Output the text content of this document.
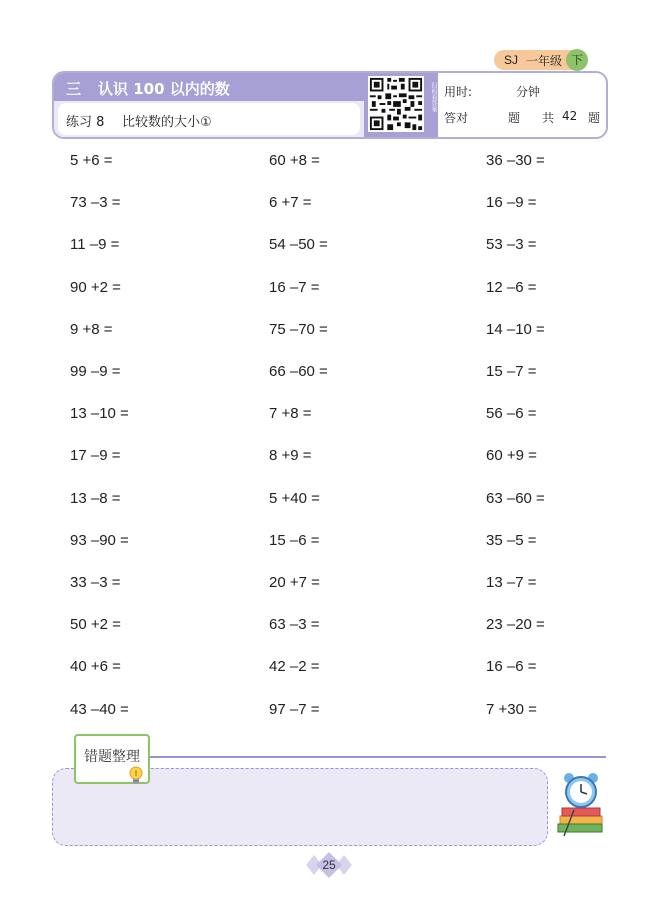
SJ 一年级 下
三 认识 100 以内的数
练习 8 比较数的大小①
扫码看答案 用时:	分钟
答对	题 共 42 题
5 +6 =
73 –3 =
11 –9 =
90 +2 =
9 +8 =
99 –9 =
13 –10 =
17 –9 =
13 –8 =
93 –90 =
33 –3 =
50 +2 =
40 +6 =
43 –40 =
60 +8 =
6 +7 =
54 –50 =
16 –7 =
75 –70 =
66 –60 =
7 +8 =
8 +9 =
5 +40 =
15 –6 =
20 +7 =
63 –3 =
42 –2 =
97 –7 =
36 –30 =
16 –9 =
53 –3 =
12 –6 =
14 –10 =
15 –7 =
56 –6 =
60 +9 =
63 –60 =
35 –5 =
13 –7 =
23 –20 =
16 –6 =
7 +30 =
错题整理
25
